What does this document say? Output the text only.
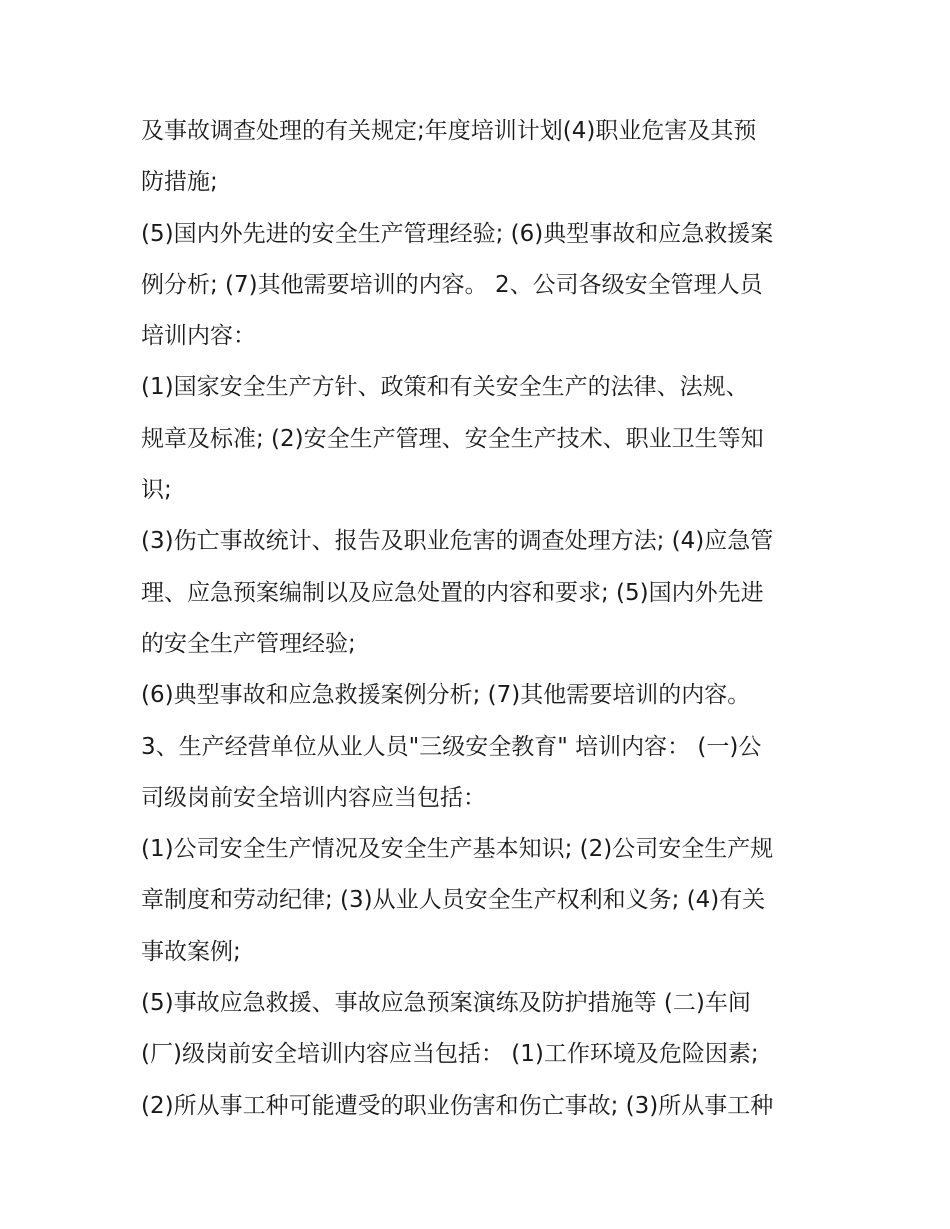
及事故调查处理的有关规定;年度培训计划(4)职业危害及其预
防措施;
(5)国内外先进的安全生产管理经验; (6)典型事故和应急救援案
例分析; (7)其他需要培训的内容。 2、公司各级安全管理人员
培训内容：
(1)国家安全生产方针、政策和有关安全生产的法律、法规、
规章及标准; (2)安全生产管理、安全生产技术、职业卫生等知
识;
(3)伤亡事故统计、报告及职业危害的调查处理方法; (4)应急管
理、应急预案编制以及应急处置的内容和要求; (5)国内外先进
的安全生产管理经验;
(6)典型事故和应急救援案例分析; (7)其他需要培训的内容。
3、生产经营单位从业人员"三级安全教育" 培训内容： (一)公
司级岗前安全培训内容应当包括：
(1)公司安全生产情况及安全生产基本知识; (2)公司安全生产规
章制度和劳动纪律; (3)从业人员安全生产权利和义务; (4)有关
事故案例;
(5)事故应急救援、事故应急预案演练及防护措施等 (二)车间
(厂)级岗前安全培训内容应当包括： (1)工作环境及危险因素;
(2)所从事工种可能遭受的职业伤害和伤亡事故; (3)所从事工种
